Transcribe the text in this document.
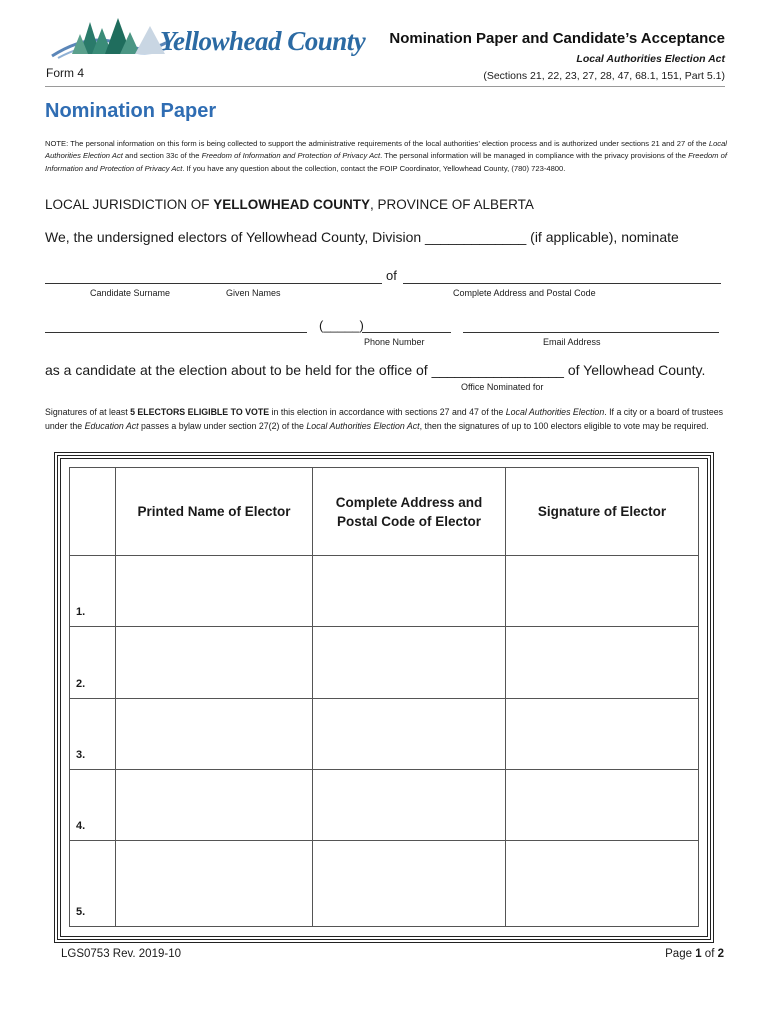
Yellowhead County Nomination Paper and Candidate’s Acceptance
Local Authorities Election Act
(Sections 21, 22, 23, 27, 28, 47, 68.1, 151, Part 5.1)
Form 4
Nomination Paper
NOTE: The personal information on this form is being collected to support the administrative requirements of the local authorities’ election process and is authorized under sections 21 and 27 of the Local Authorities Election Act and section 33c of the Freedom of Information and Protection of Privacy Act. The personal information will be managed in compliance with the privacy provisions of the Freedom of Information and Protection of Privacy Act. If you have any question about the collection, contact the FOIP Coordinator, Yellowhead County, (780) 723-4800.
LOCAL JURISDICTION OF YELLOWHEAD COUNTY, PROVINCE OF ALBERTA
We, the undersigned electors of Yellowhead County, Division _____________ (if applicable), nominate
of
Candidate Surname	Given Names	Complete Address and Postal Code
(_____)
Phone Number	Email Address
as a candidate at the election about to be held for the office of _________________ of Yellowhead County.
Office Nominated for
Signatures of at least 5 ELECTORS ELIGIBLE TO VOTE in this election in accordance with sections 27 and 47 of the Local Authorities Election. If a city or a board of trustees under the Education Act passes a bylaw under section 27(2) of the Local Authorities Election Act, then the signatures of up to 100 electors eligible to vote may be required.
	Printed Name of Elector	Complete Address and Postal Code of Elector	Signature of Elector
1.			
2.			
3.			
4.			
5.			
LGS0753 Rev. 2019-10	Page 1 of 2
